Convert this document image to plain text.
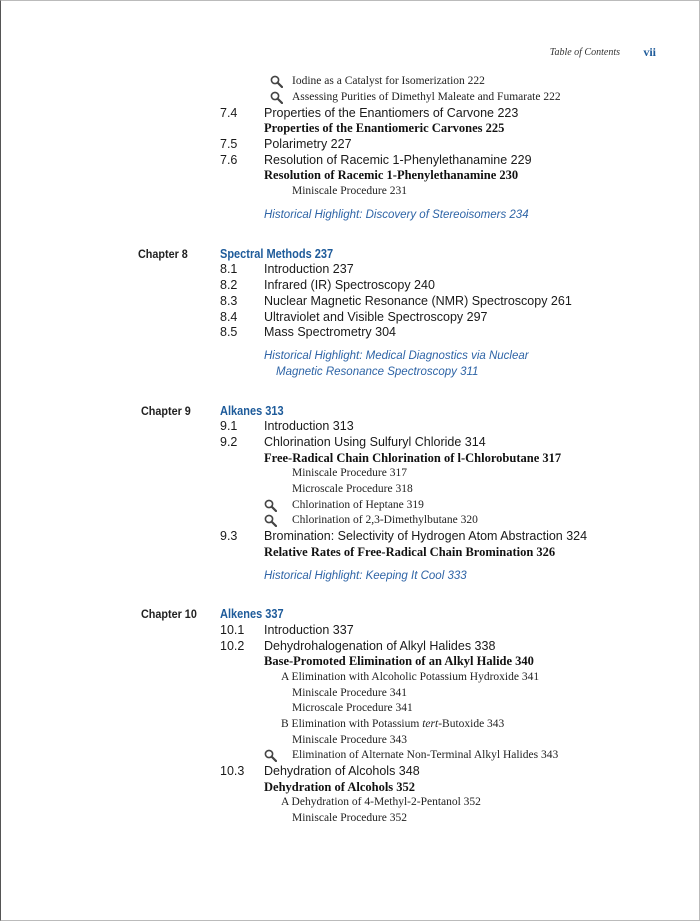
Table of Contents vii
Iodine as a Catalyst for Isomerization 222
Assessing Purities of Dimethyl Maleate and Fumarate 222
7.4 Properties of the Enantiomers of Carvone 223
Properties of the Enantiomeric Carvones 225
7.5 Polarimetry 227
7.6 Resolution of Racemic 1-Phenylethanamine 229
Resolution of Racemic 1-Phenylethanamine 230
Miniscale Procedure 231
Historical Highlight: Discovery of Stereoisomers 234
Chapter 8	Spectral Methods 237
8.1 Introduction 237
8.2 Infrared (IR) Spectroscopy 240
8.3 Nuclear Magnetic Resonance (NMR) Spectroscopy 261
8.4 Ultraviolet and Visible Spectroscopy 297
8.5 Mass Spectrometry 304
Historical Highlight: Medical Diagnostics via Nuclear
Magnetic Resonance Spectroscopy 311
Chapter 9 Alkanes 313
9.1 Introduction 313
9.2 Chlorination Using Sulfuryl Chloride 314
Free-Radical Chain Chlorination of l-Chlorobutane 317
Miniscale Procedure 317
Microscale Procedure 318
Chlorination of Heptane 319
Chlorination of 2,3-Dimethylbutane 320
9.3 Bromination: Selectivity of Hydrogen Atom Abstraction 324
Relative Rates of Free-Radical Chain Bromination 326
Historical Highlight: Keeping It Cool 333
Chapter 10 Alkenes 337
10.1 Introduction 337
10.2 Dehydrohalogenation of Alkyl Halides 338
Base-Promoted Elimination of an Alkyl Halide 340
A Elimination with Alcoholic Potassium Hydroxide 341
Miniscale Procedure 341
Microscale Procedure 341
B Elimination with Potassium tert-Butoxide 343
Miniscale Procedure 343
Elimination of Alternate Non-Terminal Alkyl Halides 343
10.3 Dehydration of Alcohols 348
Dehydration of Alcohols 352
A Dehydration of 4-Methyl-2-Pentanol 352
Miniscale Procedure 352
